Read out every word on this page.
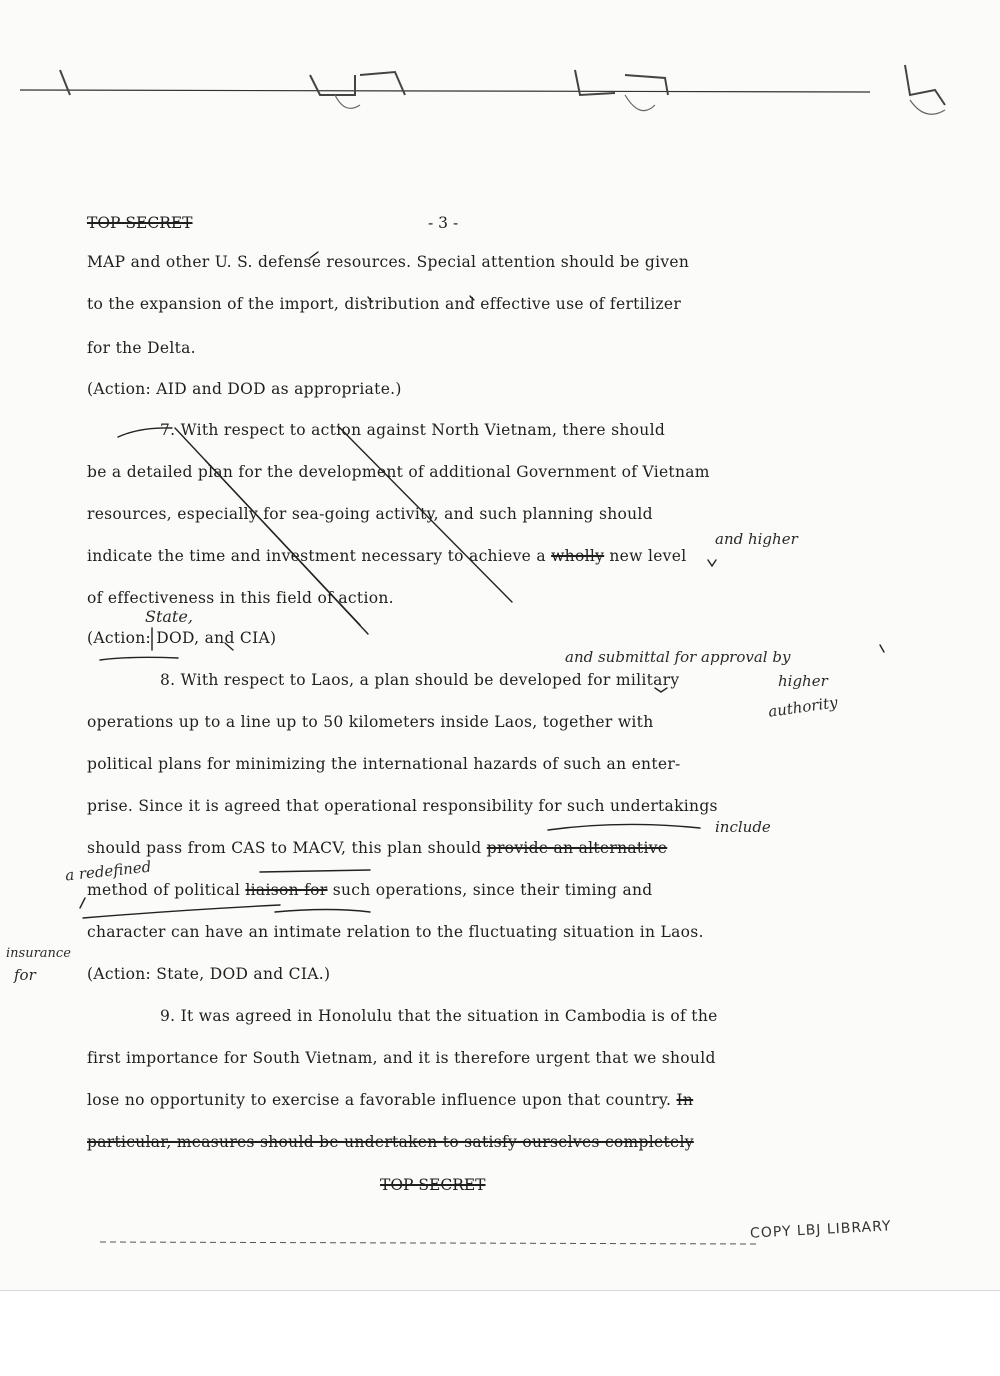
TOP SECRET	- 3 -
MAP and other U. S. defense resources. Special attention should be given
to the expansion of the import, distribution and effective use of fertilizer
for the Delta.
(Action: AID and DOD as appropriate.)
7. With respect to action against North Vietnam, there should
be a detailed plan for the development of additional Government of Vietnam
resources, especially for sea-going activity, and such planning should
indicate the time and investment necessary to achieve a wholly new level
of effectiveness in this field of action.
(Action: DOD, and CIA)
8. With respect to Laos, a plan should be developed for military
operations up to a line up to 50 kilometers inside Laos, together with
political plans for minimizing the international hazards of such an enter-
prise. Since it is agreed that operational responsibility for such undertakings
should pass from CAS to MACV, this plan should provide an alternative
method of political liaison for such operations, since their timing and
character can have an intimate relation to the fluctuating situation in Laos.
(Action: State, DOD and CIA.)
9. It was agreed in Honolulu that the situation in Cambodia is of the
first importance for South Vietnam, and it is therefore urgent that we should
lose no opportunity to exercise a favorable influence upon that country. In
particular, measures should be undertaken to satisfy ourselves completely
and higher
State,
and submittal for approval by
higher
authority
include
a redefined
insurance
for
TOP SECRET
COPY LBJ LIBRARY
